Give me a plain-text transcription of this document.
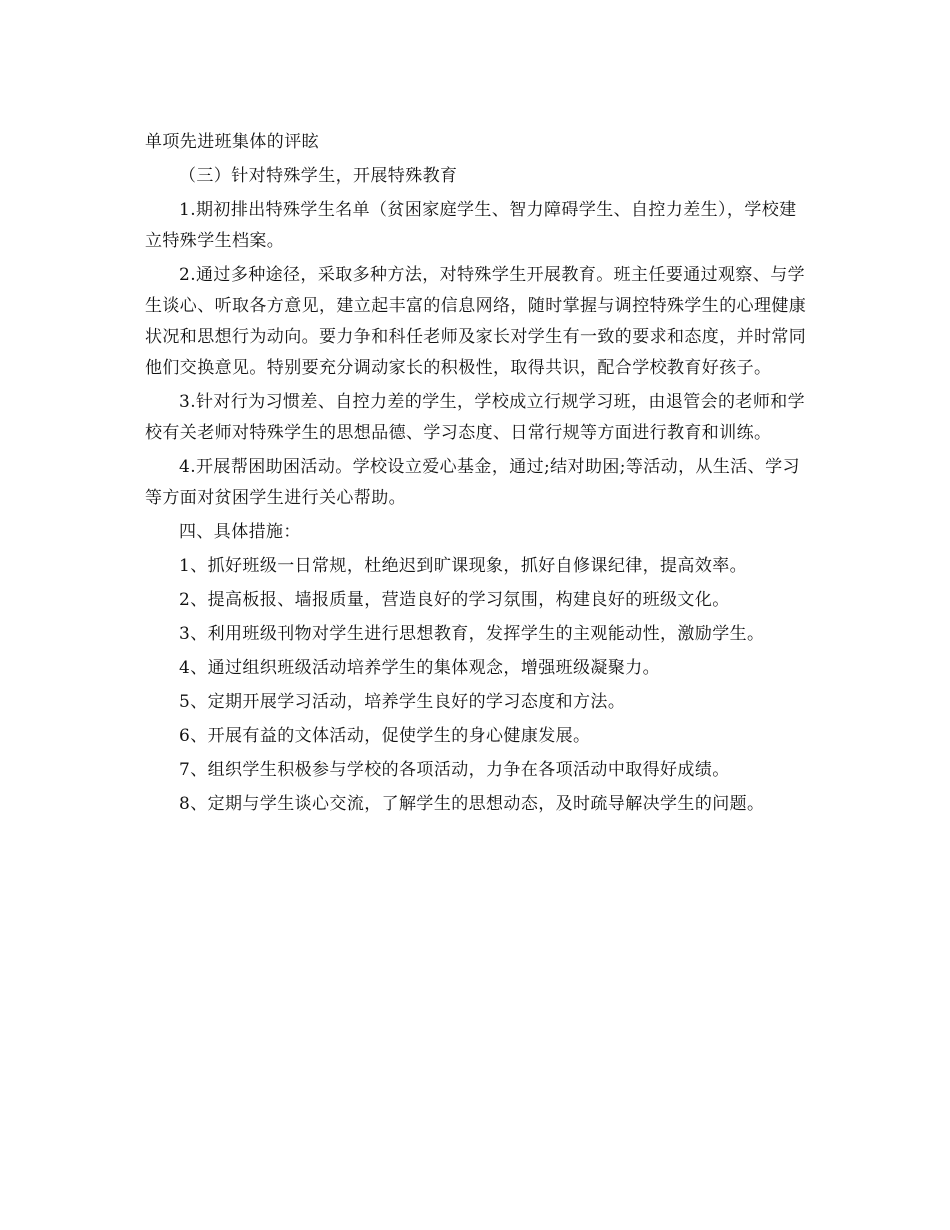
单项先进班集体的评眩

（三）针对特殊学生，开展特殊教育

1.期初排出特殊学生名单（贫困家庭学生、智力障碍学生、自控力差生），学校建立特殊学生档案。

2.通过多种途径，采取多种方法，对特殊学生开展教育。班主任要通过观察、与学生谈心、听取各方意见，建立起丰富的信息网络，随时掌握与调控特殊学生的心理健康状况和思想行为动向。要力争和科任老师及家长对学生有一致的要求和态度，并时常同他们交换意见。特别要充分调动家长的积极性，取得共识，配合学校教育好孩子。

3.针对行为习惯差、自控力差的学生，学校成立行规学习班，由退管会的老师和学校有关老师对特殊学生的思想品德、学习态度、日常行规等方面进行教育和训练。

4.开展帮困助困活动。学校设立爱心基金，通过;结对助困;等活动，从生活、学习等方面对贫困学生进行关心帮助。

四、具体措施：

1、抓好班级一日常规，杜绝迟到旷课现象，抓好自修课纪律，提高效率。

2、提高板报、墙报质量，营造良好的学习氛围，构建良好的班级文化。

3、利用班级刊物对学生进行思想教育，发挥学生的主观能动性，激励学生。

4、通过组织班级活动培养学生的集体观念，增强班级凝聚力。

5、定期开展学习活动，培养学生良好的学习态度和方法。

6、开展有益的文体活动，促使学生的身心健康发展。

7、组织学生积极参与学校的各项活动，力争在各项活动中取得好成绩。

8、定期与学生谈心交流，了解学生的思想动态，及时疏导解决学生的问题。
